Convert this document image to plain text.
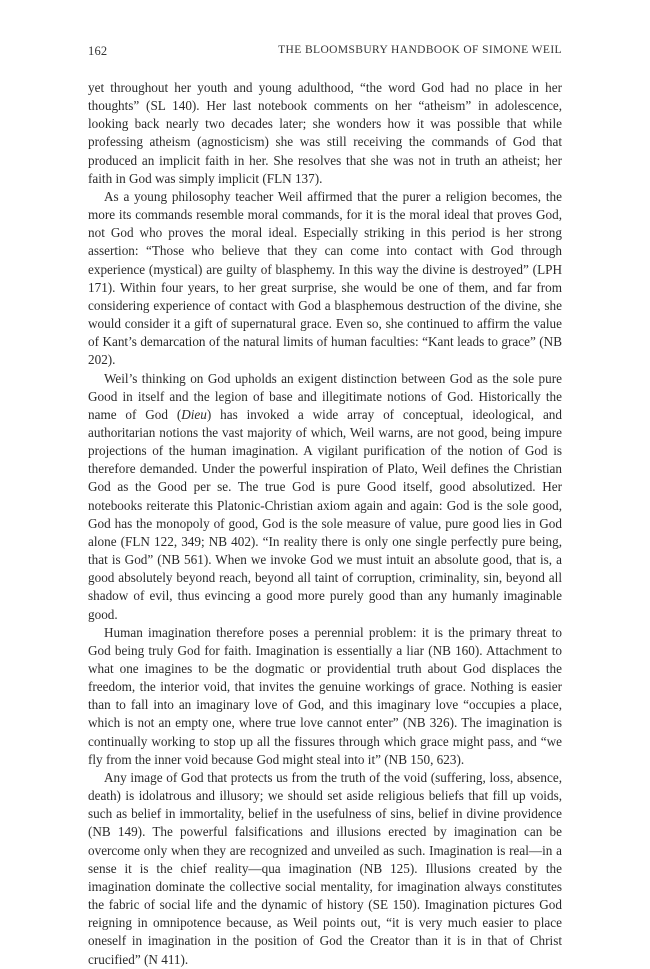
162	THE BLOOMSBURY HANDBOOK OF SIMONE WEIL

yet throughout her youth and young adulthood, “the word God had no place in her thoughts” (SL 140). Her last notebook comments on her “atheism” in adolescence, looking back nearly two decades later; she wonders how it was possible that while professing atheism (agnosticism) she was still receiving the commands of God that produced an implicit faith in her. She resolves that she was not in truth an atheist; her faith in God was simply implicit (FLN 137).

As a young philosophy teacher Weil affirmed that the purer a religion becomes, the more its commands resemble moral commands, for it is the moral ideal that proves God, not God who proves the moral ideal. Especially striking in this period is her strong assertion: “Those who believe that they can come into contact with God through experience (mystical) are guilty of blasphemy. In this way the divine is destroyed” (LPH 171). Within four years, to her great surprise, she would be one of them, and far from considering experience of contact with God a blasphemous destruction of the divine, she would consider it a gift of supernatural grace. Even so, she continued to affirm the value of Kant’s demarcation of the natural limits of human faculties: “Kant leads to grace” (NB 202).

Weil’s thinking on God upholds an exigent distinction between God as the sole pure Good in itself and the legion of base and illegitimate notions of God. Historically the name of God (Dieu) has invoked a wide array of conceptual, ideological, and authoritarian notions the vast majority of which, Weil warns, are not good, being impure projections of the human imagination. A vigilant purification of the notion of God is therefore demanded. Under the powerful inspiration of Plato, Weil defines the Christian God as the Good per se. The true God is pure Good itself, good absolutized. Her notebooks reiterate this Platonic-Christian axiom again and again: God is the sole good, God has the monopoly of good, God is the sole measure of value, pure good lies in God alone (FLN 122, 349; NB 402). “In reality there is only one single perfectly pure being, that is God” (NB 561). When we invoke God we must intuit an absolute good, that is, a good absolutely beyond reach, beyond all taint of corruption, criminality, sin, beyond all shadow of evil, thus evincing a good more purely good than any humanly imaginable good.

Human imagination therefore poses a perennial problem: it is the primary threat to God being truly God for faith. Imagination is essentially a liar (NB 160). Attachment to what one imagines to be the dogmatic or providential truth about God displaces the freedom, the interior void, that invites the genuine workings of grace. Nothing is easier than to fall into an imaginary love of God, and this imaginary love “occupies a place, which is not an empty one, where true love cannot enter” (NB 326). The imagination is continually working to stop up all the fissures through which grace might pass, and “we fly from the inner void because God might steal into it” (NB 150, 623).

Any image of God that protects us from the truth of the void (suffering, loss, absence, death) is idolatrous and illusory; we should set aside religious beliefs that fill up voids, such as belief in immortality, belief in the usefulness of sins, belief in divine providence (NB 149). The powerful falsifications and illusions erected by imagination can be overcome only when they are recognized and unveiled as such. Imagination is real—in a sense it is the chief reality—qua imagination (NB 125). Illusions created by the imagination dominate the collective social mentality, for imagination always constitutes the fabric of social life and the dynamic of history (SE 150). Imagination pictures God reigning in omnipotence because, as Weil points out, “it is very much easier to place oneself in imagination in the position of God the Creator than it is in that of Christ crucified” (N 411).
